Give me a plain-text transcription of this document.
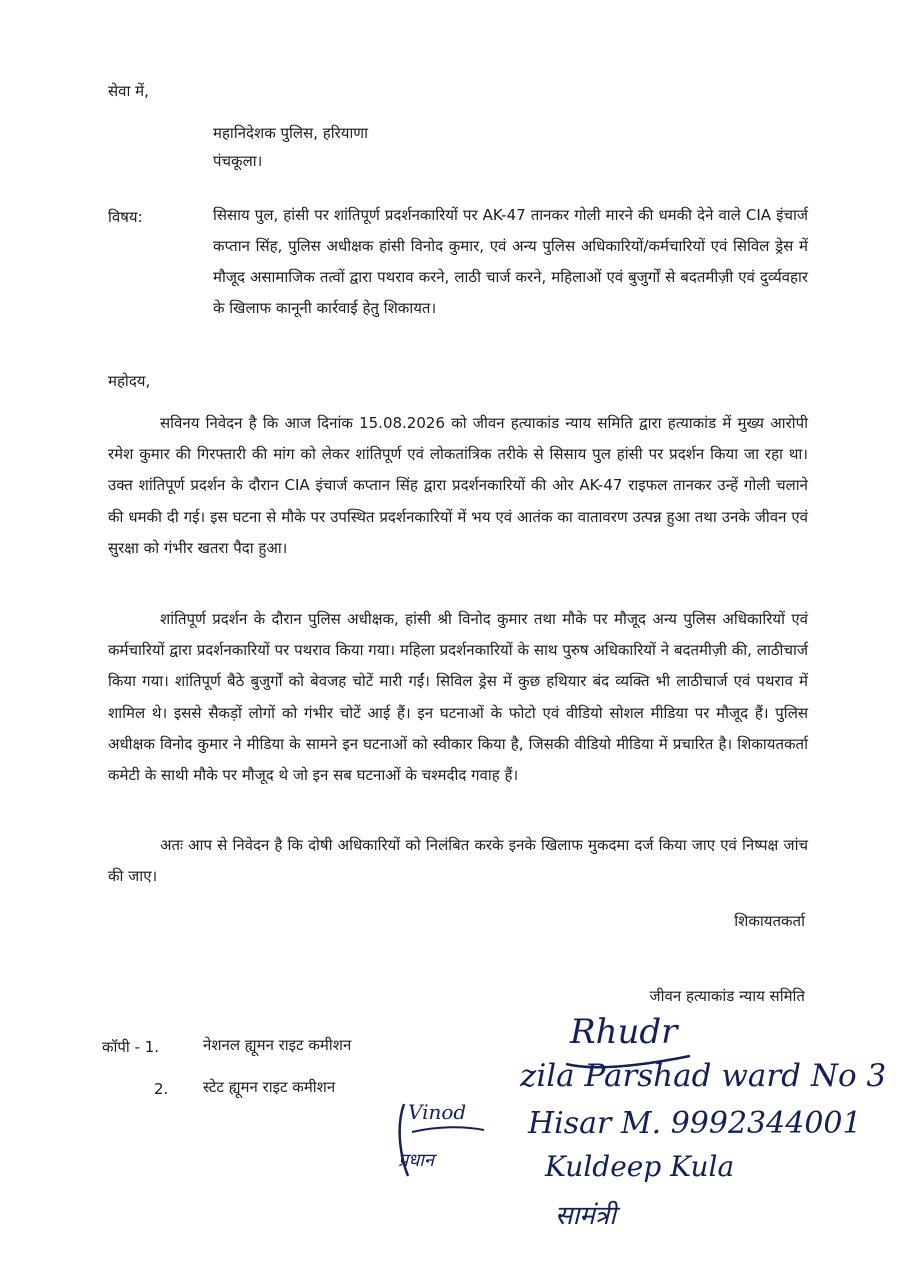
सेवा में,
महानिदेशक पुलिस, हरियाणा
पंचकूला।
विषय:	सिसाय पुल, हांसी पर शांतिपूर्ण प्रदर्शनकारियों पर AK-47 तानकर गोली मारने की धमकी देने वाले CIA इंचार्ज कप्तान सिंह, पुलिस अधीक्षक हांसी विनोद कुमार, एवं अन्य पुलिस अधिकारियों/कर्मचारियों एवं सिविल ड्रेस में मौजूद असामाजिक तत्वों द्वारा पथराव करने, लाठी चार्ज करने, महिलाओं एवं बुजुर्गों से बदतमीज़ी एवं दुर्व्यवहार के खिलाफ कानूनी कार्रवाई हेतु शिकायत।

महोदय,

सविनय निवेदन है कि आज दिनांक 15.08.2026 को जीवन हत्याकांड न्याय समिति द्वारा हत्याकांड में मुख्य आरोपी रमेश कुमार की गिरफ्तारी की मांग को लेकर शांतिपूर्ण एवं लोकतांत्रिक तरीके से सिसाय पुल हांसी पर प्रदर्शन किया जा रहा था। उक्त शांतिपूर्ण प्रदर्शन के दौरान CIA इंचार्ज कप्तान सिंह द्वारा प्रदर्शनकारियों की ओर AK-47 राइफल तानकर उन्हें गोली चलाने की धमकी दी गई। इस घटना से मौके पर उपस्थित प्रदर्शनकारियों में भय एवं आतंक का वातावरण उत्पन्न हुआ तथा उनके जीवन एवं सुरक्षा को गंभीर खतरा पैदा हुआ।

शांतिपूर्ण प्रदर्शन के दौरान पुलिस अधीक्षक, हांसी श्री विनोद कुमार तथा मौके पर मौजूद अन्य पुलिस अधिकारियों एवं कर्मचारियों द्वारा प्रदर्शनकारियों पर पथराव किया गया। महिला प्रदर्शनकारियों के साथ पुरुष अधिकारियों ने बदतमीज़ी की, लाठीचार्ज किया गया। शांतिपूर्ण बैठे बुजुर्गों को बेवजह चोटें मारी गईं। सिविल ड्रेस में कुछ हथियार बंद व्यक्ति भी लाठीचार्ज एवं पथराव में शामिल थे। इससे सैकड़ों लोगों को गंभीर चोटें आई हैं। इन घटनाओं के फोटो एवं वीडियो सोशल मीडिया पर मौजूद हैं। पुलिस अधीक्षक विनोद कुमार ने मीडिया के सामने इन घटनाओं को स्वीकार किया है, जिसकी वीडियो मीडिया में प्रचारित है। शिकायतकर्ता कमेटी के साथी मौके पर मौजूद थे जो इन सब घटनाओं के चश्मदीद गवाह हैं।

अतः आप से निवेदन है कि दोषी अधिकारियों को निलंबित करके इनके खिलाफ मुकदमा दर्ज किया जाए एवं निष्पक्ष जांच की जाए।

शिकायतकर्ता
जीवन हत्याकांड न्याय समिति
कॉपी - 1.	नेशनल ह्यूमन राइट कमीशन
2. स्टेट ह्यूमन राइट कमीशन
Rhudr
zila Parshad ward No 3
Hisar M. 9992344001
Kuldeep Kula
सामंत्री
Vinod
प्रधान
